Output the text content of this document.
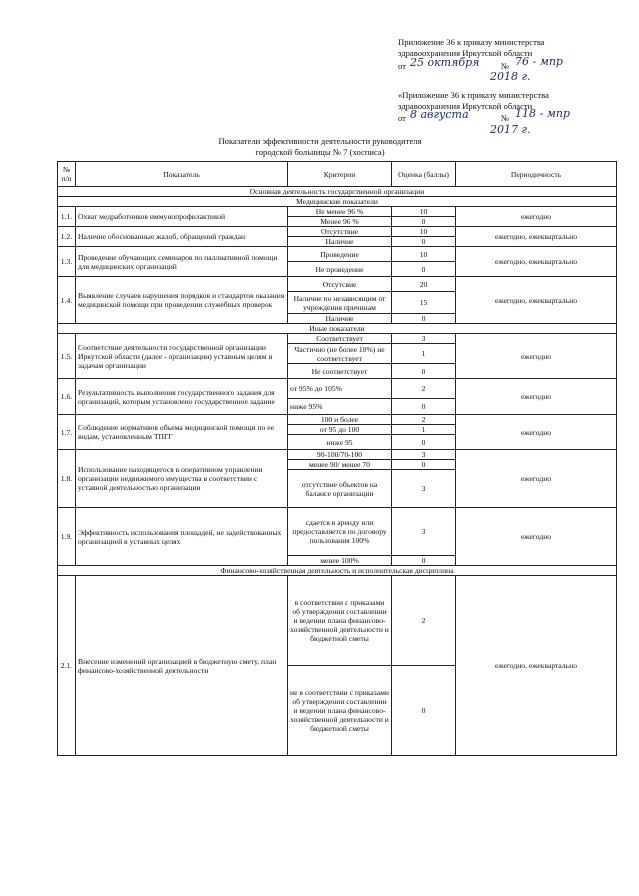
Приложение 36 к приказу министерства
здравоохранения Иркутской области
от 25 октября	№ 76 - мпр
2018 г.
«Приложение 36 к приказу министерства
здравоохранения Иркутской области
от 8 августа	№ 118 - мпр
2017 г.
Показатели эффективности деятельности руководителя
городской больницы № 7 (хосписа)
№ п/п	Показатель	Критерии	Оценка (баллы)	Периодичность
Основная деятельность государственной организации				
Медицинские показатели				
1.1.	Охват медработников иммунопрофилактикой	Не менее 96 %	10	ежегодно
		Менее 96 %	0	
1.2.	Наличие обоснованные жалоб, обращений граждан	Отсутствие	10	ежегодно, ежеквартально
		Наличие	0	
1.3.	Проведение обучающих семинаров по паллиативной помощи для медицинских организаций	Проведение	10	ежегодно, ежеквартально
		Не проведение	0	
1.4.	Выявление случаев нарушения порядков и стандартов оказания медицинской помощи при проведении служебных проверок	Отсутсвие	20	ежегодно, ежеквартально
		Наличие по независящим от учреждения причинам	15	
		Наличие	0	
Иные показатели				
1.5.	Соответствие деятельности государственной организации Иркутской области (далее - организации) уставным целям и задачам организации	Соответствует	3	ежегодно
		Частично (не более 10%) не соответствует	1	
		Не соответствует	0	
1.6.	Результативность выполнения государственного задания для организаций, которым установлено государственное задание	от 95% до 105%	2	ежегодно
		ниже 95%	0	
1.7.	Соблюдение нормативов объема медицинской помощи по ее видам, установленным ТПГГ	100 и более	2	ежегодно
		от 95 до 100	1	
		ниже 95	0	
1.8.	Использование находящегося в оперативном управлении организации недвижимого имущества в соответствии с уставной деятельностью организации	90-100/70-100	3	ежегодно
		менее 90/ менее 70	0	
		отсутствие объектов на балансе организации	3	
1.9.	Эффективность использования площадей, не задействованных организацией в уставных целях	сдается в аренду или предоставляется по договору пользования 100%	3	ежегодно
		менее 100%	0	
Финансово-хозяйственная деятельность и исполнительская дисциплина				
2.1.	Внесение изменений организацией в бюджетную смету, план финансово-хозяйственной деятельности	в соответствии с приказами об утверждении составлении и ведении плана финансово-хозяйственной деятельности и бюджетной сметы	2	ежегодно, ежеквартально
		не в соответствии с приказами об утверждении составлении и ведении плана финансово-хозяйственной деятельности и бюджетной сметы	0	
